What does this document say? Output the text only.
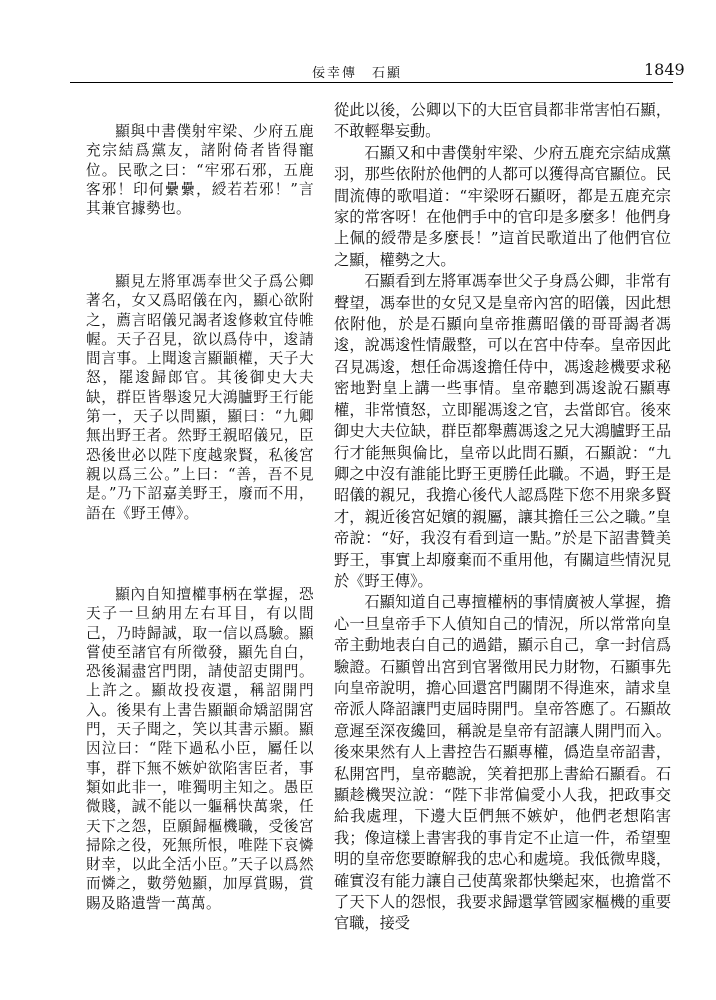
佞幸傳　石顯	1849

顯與中書僕射牢梁、少府五鹿充宗結爲黨友，諸附倚者皆得寵位。民歌之曰：“牢邪石邪，五鹿客邪！印何纍纍，綬若若邪！”言其兼官據勢也。

顯見左將軍馮奉世父子爲公卿著名，女又爲昭儀在內，顯心欲附之，薦言昭儀兄謁者逡修敕宜侍帷幄。天子召見，欲以爲侍中，逡請間言事。上聞逡言顯顓權，天子大怒，罷逡歸郎官。其後御史大夫缺，群臣皆舉逡兄大鴻臚野王行能第一，天子以問顯，顯曰：“九卿無出野王者。然野王親昭儀兄，臣恐後世必以陛下度越衆賢，私後宮親以爲三公。”上曰：“善，吾不見是。”乃下詔嘉美野王，廢而不用，語在《野王傳》。

顯內自知擅權事柄在掌握，恐天子一旦納用左右耳目，有以間己，乃時歸誠，取一信以爲驗。顯嘗使至諸官有所徵發，顯先自白，恐後漏盡宮門閉，請使詔吏開門。上許之。顯故投夜還，稱詔開門入。後果有上書告顯顓命矯詔開宮門，天子聞之，笑以其書示顯。顯因泣曰：“陛下過私小臣，屬任以事，群下無不嫉妒欲陷害臣者，事類如此非一，唯獨明主知之。愚臣微賤，誠不能以一軀稱快萬衆，任天下之怨，臣願歸樞機職，受後宮掃除之役，死無所恨，唯陛下哀憐財幸，以此全活小臣。”天子以爲然而憐之，數勞勉顯，加厚賞賜，賞賜及賂遺訾一萬萬。

從此以後，公卿以下的大臣官員都非常害怕石顯，不敢輕舉妄動。

石顯又和中書僕射牢梁、少府五鹿充宗結成黨羽，那些依附於他們的人都可以獲得高官顯位。民間流傳的歌唱道：“牢梁呀石顯呀，都是五鹿充宗家的常客呀！在他們手中的官印是多麼多！他們身上佩的綬帶是多麼長！”這首民歌道出了他們官位之顯，權勢之大。

石顯看到左將軍馮奉世父子身爲公卿，非常有聲望，馮奉世的女兒又是皇帝內宮的昭儀，因此想依附他，於是石顯向皇帝推薦昭儀的哥哥謁者馮逡，說馮逡性情嚴整，可以在宮中侍奉。皇帝因此召見馮逡，想任命馮逡擔任侍中，馮逡趁機要求秘密地對皇上講一些事情。皇帝聽到馮逡說石顯專權，非常憤怒，立即罷馮逡之官，去當郎官。後來御史大夫位缺，群臣都舉薦馮逡之兄大鴻臚野王品行才能無與倫比，皇帝以此問石顯，石顯說：“九卿之中沒有誰能比野王更勝任此職。不過，野王是昭儀的親兄，我擔心後代人認爲陛下您不用衆多賢才，親近後宮妃嬪的親屬，讓其擔任三公之職。”皇帝說：“好，我沒有看到這一點。”於是下詔書贊美野王，事實上却廢棄而不重用他，有關這些情況見於《野王傳》。

石顯知道自己專擅權柄的事情廣被人掌握，擔心一旦皇帝手下人偵知自己的情況，所以常常向皇帝主動地表白自己的過錯，顯示自己，拿一封信爲驗證。石顯曾出宮到官署徵用民力財物，石顯事先向皇帝說明，擔心回還宮門關閉不得進來，請求皇帝派人降詔讓門吏屆時開門。皇帝答應了。石顯故意遲至深夜纔回，稱說是皇帝有詔讓人開門而入。後來果然有人上書控告石顯專權，僞造皇帝詔書，私開宮門，皇帝聽說，笑着把那上書給石顯看。石顯趁機哭泣說：“陛下非常偏愛小人我，把政事交給我處理，下邊大臣們無不嫉妒，他們老想陷害我；像這樣上書害我的事肯定不止這一件，希望聖明的皇帝您要瞭解我的忠心和處境。我低微卑賤，確實沒有能力讓自己使萬衆都快樂起來，也擔當不了天下人的怨恨，我要求歸還掌管國家樞機的重要官職，接受
